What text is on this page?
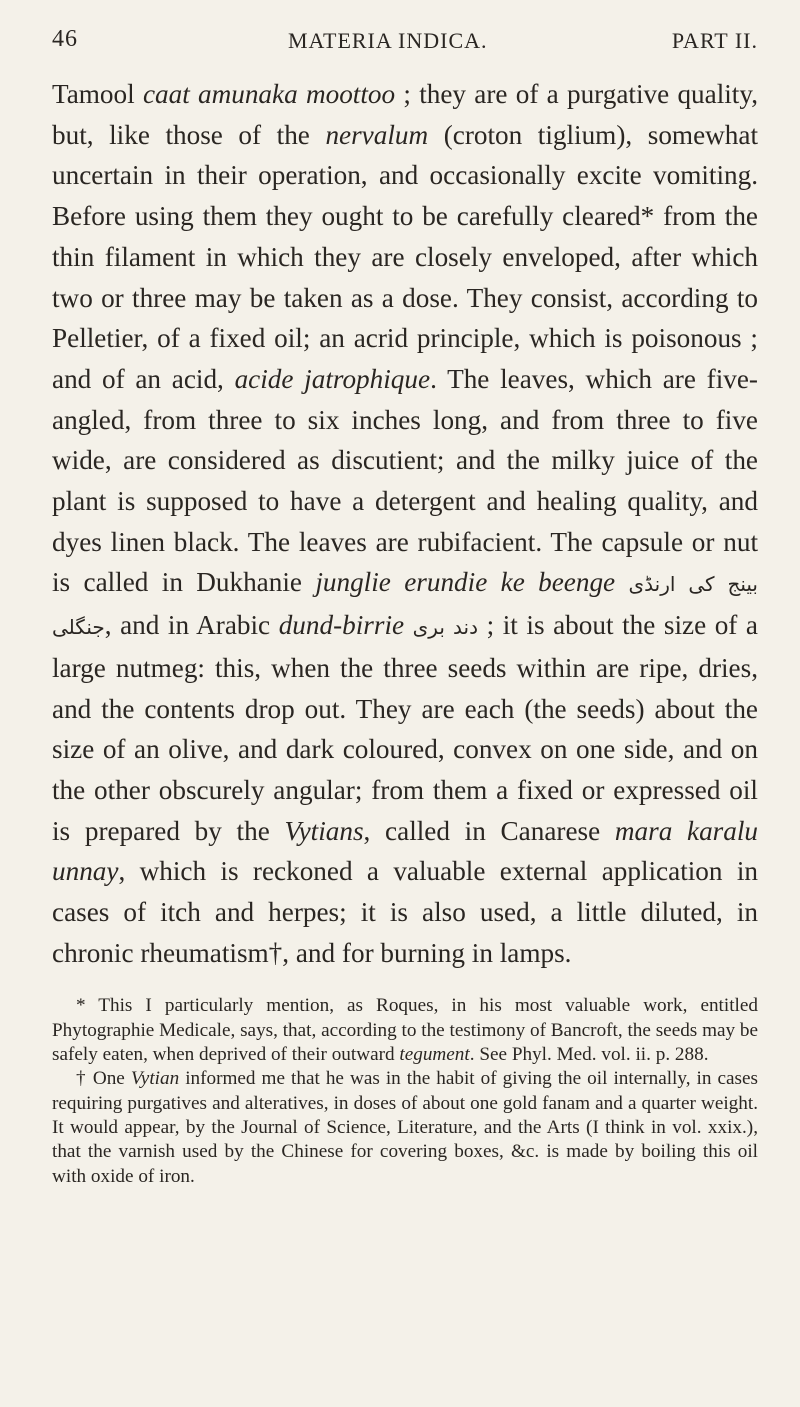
46	MATERIA INDICA.	PART II.
Tamool caat amunaka moottoo ; they are of a purgative quality, but, like those of the nervalum (croton tiglium), somewhat uncertain in their operation, and occasionally excite vomiting. Before using them they ought to be carefully cleared* from the thin filament in which they are closely enveloped, after which two or three may be taken as a dose. They consist, according to Pelletier, of a fixed oil; an acrid principle, which is poisonous ; and of an acid, acide jatrophique. The leaves, which are five-angled, from three to six inches long, and from three to five wide, are considered as discutient; and the milky juice of the plant is supposed to have a detergent and healing quality, and dyes linen black. The leaves are rubifacient. The capsule or nut is called in Dukhanie junglie erundie ke beenge بینج کی ارنڈی جنگلی, and in Arabic dund-birrie دند بری ; it is about the size of a large nutmeg: this, when the three seeds within are ripe, dries, and the contents drop out. They are each (the seeds) about the size of an olive, and dark coloured, convex on one side, and on the other obscurely angular; from them a fixed or expressed oil is prepared by the Vytians, called in Canarese mara karalu unnay, which is reckoned a valuable external application in cases of itch and herpes; it is also used, a little diluted, in chronic rheumatism†, and for burning in lamps.

* This I particularly mention, as Roques, in his most valuable work, entitled Phytographie Medicale, says, that, according to the testimony of Bancroft, the seeds may be safely eaten, when deprived of their outward tegument. See Phyl. Med. vol. ii. p. 288.

† One Vytian informed me that he was in the habit of giving the oil internally, in cases requiring purgatives and alteratives, in doses of about one gold fanam and a quarter weight. It would appear, by the Journal of Science, Literature, and the Arts (I think in vol. xxix.), that the varnish used by the Chinese for covering boxes, &c. is made by boiling this oil with oxide of iron.
